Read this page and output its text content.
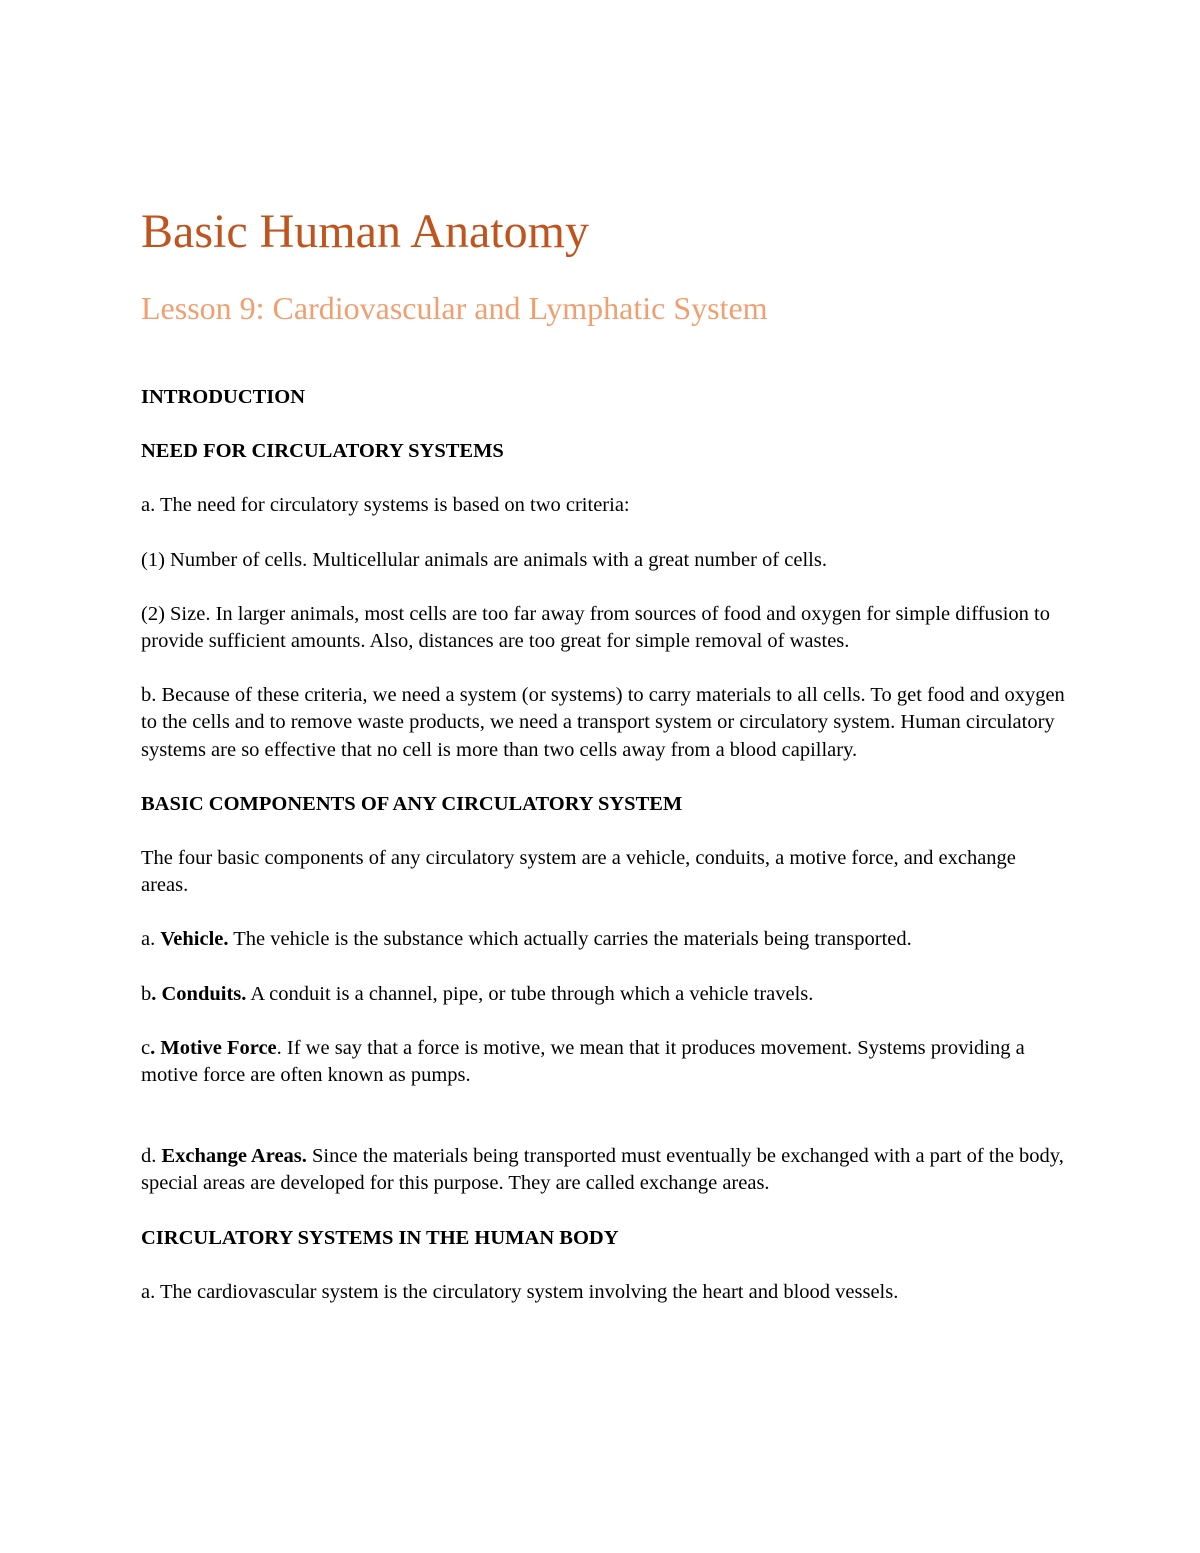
Basic Human Anatomy
Lesson 9: Cardiovascular and Lymphatic System

INTRODUCTION

NEED FOR CIRCULATORY SYSTEMS

a. The need for circulatory systems is based on two criteria:

(1) Number of cells. Multicellular animals are animals with a great number of cells.

(2) Size. In larger animals, most cells are too far away from sources of food and oxygen for simple diffusion to provide sufficient amounts. Also, distances are too great for simple removal of wastes.

b. Because of these criteria, we need a system (or systems) to carry materials to all cells. To get food and oxygen to the cells and to remove waste products, we need a transport system or circulatory system. Human circulatory systems are so effective that no cell is more than two cells away from a blood capillary.

BASIC COMPONENTS OF ANY CIRCULATORY SYSTEM

The four basic components of any circulatory system are a vehicle, conduits, a motive force, and exchange areas.

a. Vehicle. The vehicle is the substance which actually carries the materials being transported.

b. Conduits. A conduit is a channel, pipe, or tube through which a vehicle travels.

c. Motive Force. If we say that a force is motive, we mean that it produces movement. Systems providing a motive force are often known as pumps.

d. Exchange Areas. Since the materials being transported must eventually be exchanged with a part of the body, special areas are developed for this purpose. They are called exchange areas.

CIRCULATORY SYSTEMS IN THE HUMAN BODY

a. The cardiovascular system is the circulatory system involving the heart and blood vessels.
